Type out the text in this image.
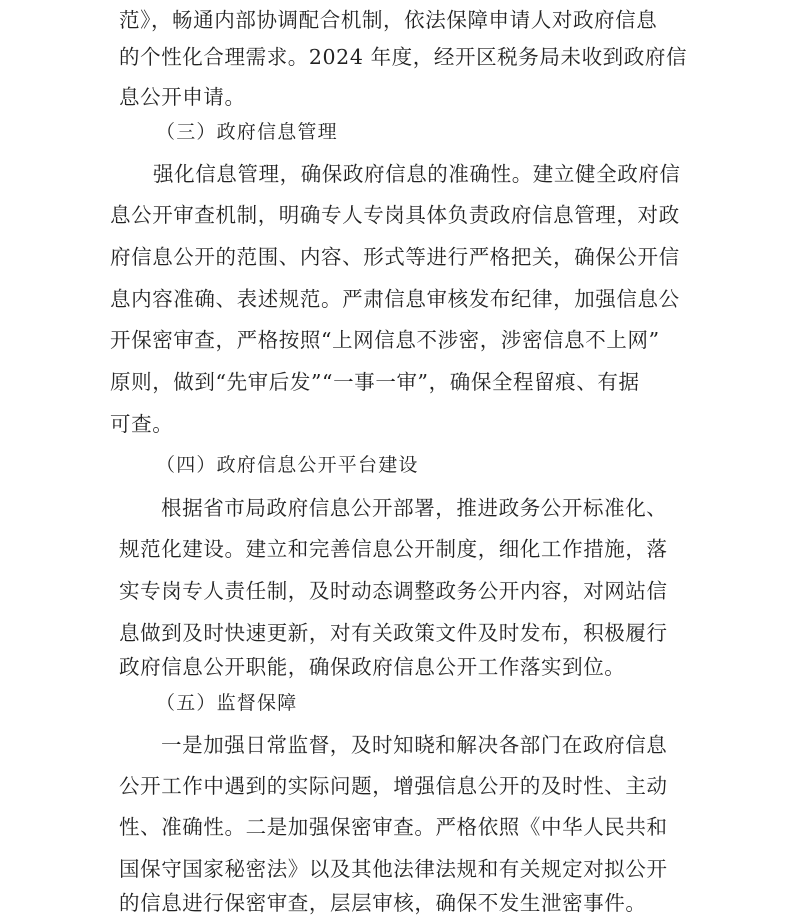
范》，畅通内部协调配合机制，依法保障申请人对政府信息
的个性化合理需求。2024 年度，经开区税务局未收到政府信
息公开申请。
（三）政府信息管理
强化信息管理，确保政府信息的准确性。建立健全政府信
息公开审查机制，明确专人专岗具体负责政府信息管理，对政
府信息公开的范围、内容、形式等进行严格把关，确保公开信
息内容准确、表述规范。严肃信息审核发布纪律，加强信息公
开保密审查，严格按照“上网信息不涉密，涉密信息不上网”
原则，做到“先审后发”“一事一审”，确保全程留痕、有据
可查。
（四）政府信息公开平台建设
根据省市局政府信息公开部署，推进政务公开标准化、
规范化建设。建立和完善信息公开制度，细化工作措施，落
实专岗专人责任制，及时动态调整政务公开内容，对网站信
息做到及时快速更新，对有关政策文件及时发布，积极履行
政府信息公开职能，确保政府信息公开工作落实到位。
（五）监督保障
一是加强日常监督，及时知晓和解决各部门在政府信息
公开工作中遇到的实际问题，增强信息公开的及时性、主动
性、准确性。二是加强保密审查。严格依照《中华人民共和
国保守国家秘密法》以及其他法律法规和有关规定对拟公开
的信息进行保密审查，层层审核，确保不发生泄密事件。
